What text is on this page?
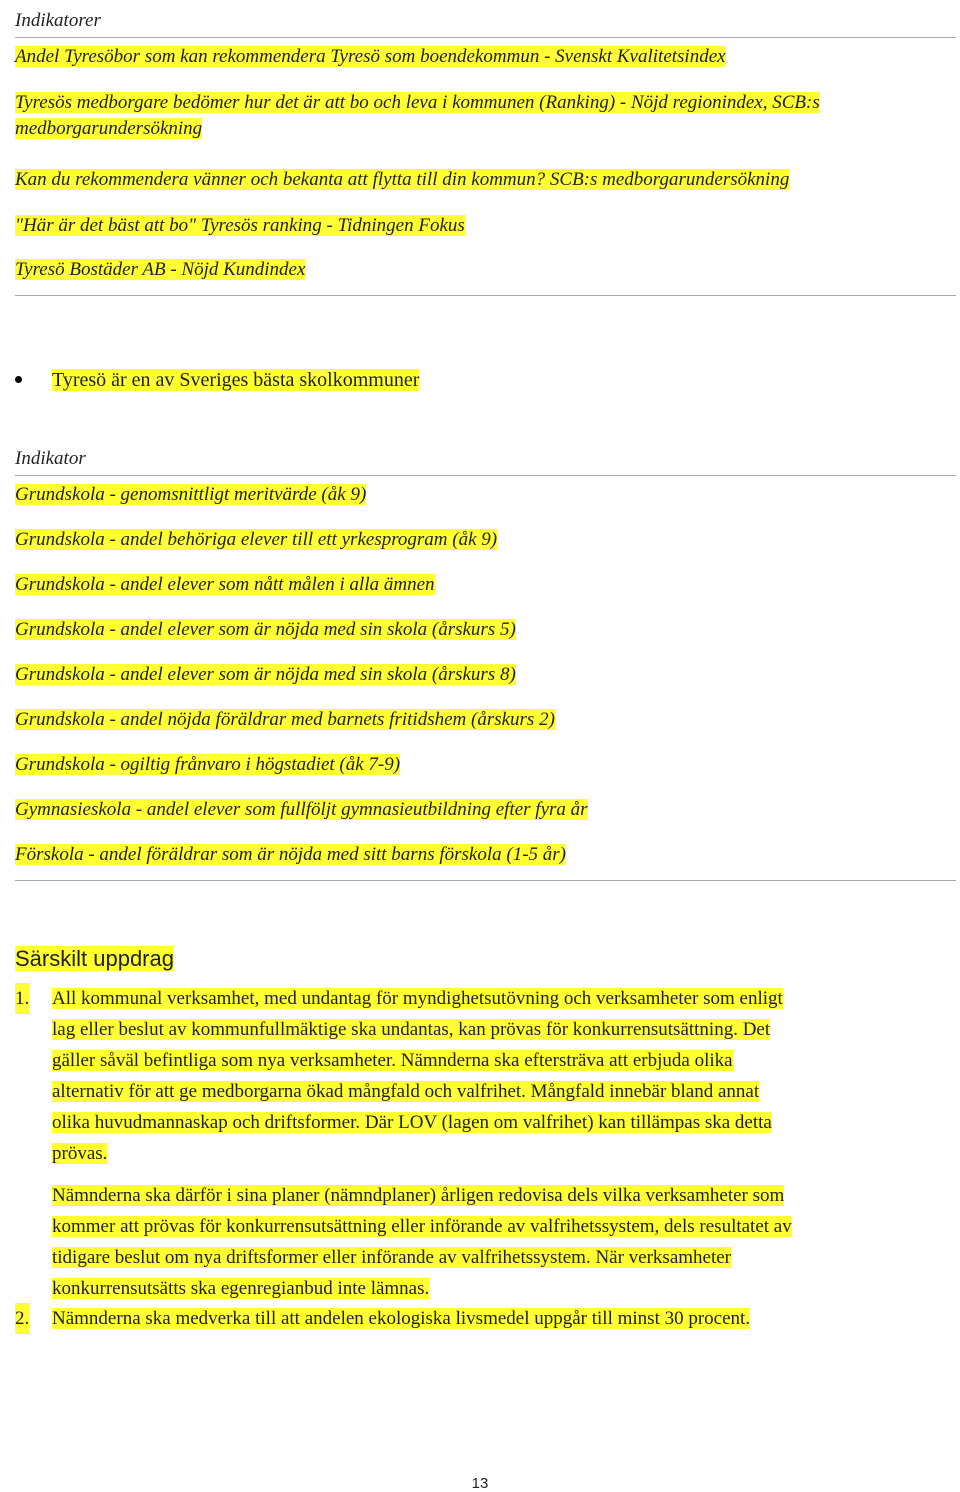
Indikatorer
Andel Tyresöbor som kan rekommendera Tyresö som boendekommun - Svenskt Kvalitetsindex
Tyresös medborgare bedömer hur det är att bo och leva i kommunen (Ranking) - Nöjd regionindex, SCB:s
medborgarundersökning
Kan du rekommendera vänner och bekanta att flytta till din kommun? SCB:s medborgarundersökning
"Här är det bäst att bo" Tyresös ranking - Tidningen Fokus
Tyresö Bostäder AB - Nöjd Kundindex
Tyresö är en av Sveriges bästa skolkommuner
Indikator
Grundskola - genomsnittligt meritvärde (åk 9)
Grundskola - andel behöriga elever till ett yrkesprogram (åk 9)
Grundskola - andel elever som nått målen i alla ämnen
Grundskola - andel elever som är nöjda med sin skola (årskurs 5)
Grundskola - andel elever som är nöjda med sin skola (årskurs 8)
Grundskola - andel nöjda föräldrar med barnets fritidshem (årskurs 2)
Grundskola - ogiltig frånvaro i högstadiet (åk 7-9)
Gymnasieskola - andel elever som fullföljt gymnasieutbildning efter fyra år
Förskola - andel föräldrar som är nöjda med sitt barns förskola (1-5 år)
Särskilt uppdrag
1. All kommunal verksamhet, med undantag för myndighetsutövning och verksamheter som enligt
lag eller beslut av kommunfullmäktige ska undantas, kan prövas för konkurrensutsättning. Det
gäller såväl befintliga som nya verksamheter. Nämnderna ska eftersträva att erbjuda olika
alternativ för att ge medborgarna ökad mångfald och valfrihet. Mångfald innebär bland annat
olika huvudmannaskap och driftsformer. Där LOV (lagen om valfrihet) kan tillämpas ska detta
prövas.
Nämnderna ska därför i sina planer (nämndplaner) årligen redovisa dels vilka verksamheter som
kommer att prövas för konkurrensutsättning eller införande av valfrihetssystem, dels resultatet av
tidigare beslut om nya driftsformer eller införande av valfrihetssystem. När verksamheter
konkurrensutsätts ska egenregianbud inte lämnas.
2. Nämnderna ska medverka till att andelen ekologiska livsmedel uppgår till minst 30 procent.
13
